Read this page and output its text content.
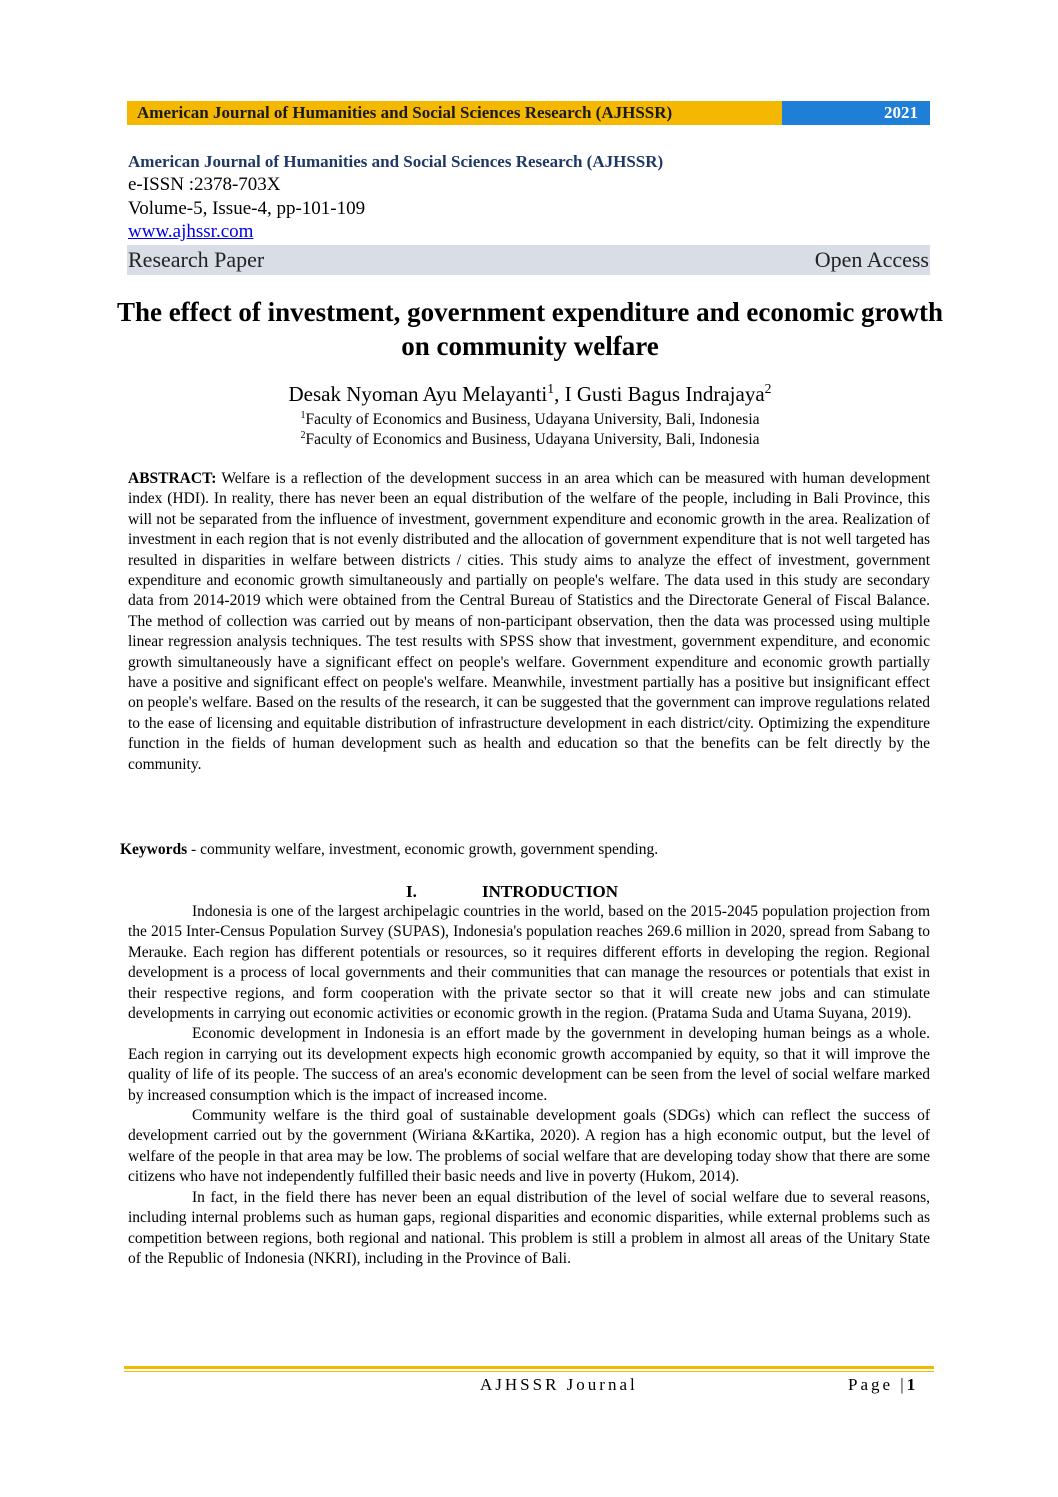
American Journal of Humanities and Social Sciences Research (AJHSSR)	2021
American Journal of Humanities and Social Sciences Research (AJHSSR)
e-ISSN :2378-703X
Volume-5, Issue-4, pp-101-109
www.ajhssr.com
Research Paper	Open Access
The effect of investment, government expenditure and economic growth on community welfare
Desak Nyoman Ayu Melayanti$^1$, I Gusti Bagus Indrajaya$^2$
$^1$Faculty of Economics and Business, Udayana University, Bali, Indonesia
$^2$Faculty of Economics and Business, Udayana University, Bali, Indonesia
ABSTRACT: Welfare is a reflection of the development success in an area which can be measured with human development index (HDI). In reality, there has never been an equal distribution of the welfare of the people, including in Bali Province, this will not be separated from the influence of investment, government expenditure and economic growth in the area. Realization of investment in each region that is not evenly distributed and the allocation of government expenditure that is not well targeted has resulted in disparities in welfare between districts / cities. This study aims to analyze the effect of investment, government expenditure and economic growth simultaneously and partially on people's welfare. The data used in this study are secondary data from 2014-2019 which were obtained from the Central Bureau of Statistics and the Directorate General of Fiscal Balance. The method of collection was carried out by means of non-participant observation, then the data was processed using multiple linear regression analysis techniques. The test results with SPSS show that investment, government expenditure, and economic growth simultaneously have a significant effect on people's welfare. Government expenditure and economic growth partially have a positive and significant effect on people's welfare. Meanwhile, investment partially has a positive but insignificant effect on people's welfare. Based on the results of the research, it can be suggested that the government can improve regulations related to the ease of licensing and equitable distribution of infrastructure development in each district/city. Optimizing the expenditure function in the fields of human development such as health and education so that the benefits can be felt directly by the community.
Keywords - community welfare, investment, economic growth, government spending.
I.	INTRODUCTION

Indonesia is one of the largest archipelagic countries in the world, based on the 2015-2045 population projection from the 2015 Inter-Census Population Survey (SUPAS), Indonesia's population reaches 269.6 million in 2020, spread from Sabang to Merauke. Each region has different potentials or resources, so it requires different efforts in developing the region. Regional development is a process of local governments and their communities that can manage the resources or potentials that exist in their respective regions, and form cooperation with the private sector so that it will create new jobs and can stimulate developments in carrying out economic activities or economic growth in the region. (Pratama Suda and Utama Suyana, 2019).

Economic development in Indonesia is an effort made by the government in developing human beings as a whole. Each region in carrying out its development expects high economic growth accompanied by equity, so that it will improve the quality of life of its people. The success of an area's economic development can be seen from the level of social welfare marked by increased consumption which is the impact of increased income.

Community welfare is the third goal of sustainable development goals (SDGs) which can reflect the success of development carried out by the government (Wiriana &Kartika, 2020). A region has a high economic output, but the level of welfare of the people in that area may be low. The problems of social welfare that are developing today show that there are some citizens who have not independently fulfilled their basic needs and live in poverty (Hukom, 2014).

In fact, in the field there has never been an equal distribution of the level of social welfare due to several reasons, including internal problems such as human gaps, regional disparities and economic disparities, while external problems such as competition between regions, both regional and national. This problem is still a problem in almost all areas of the Unitary State of the Republic of Indonesia (NKRI), including in the Province of Bali.

AJHSSR Journal	Page |1
